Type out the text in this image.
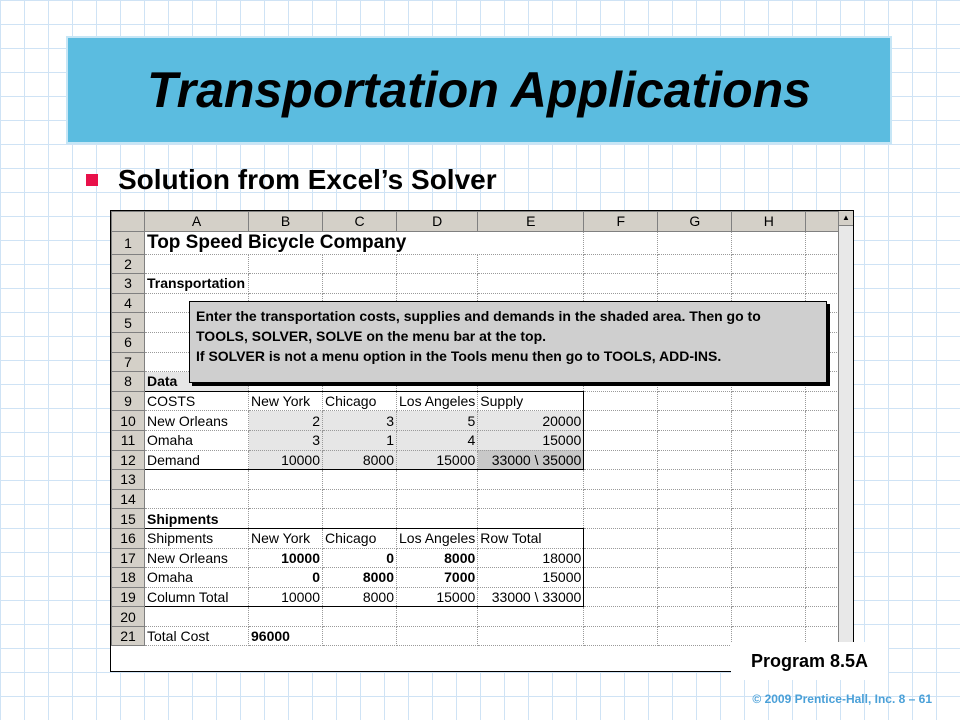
Transportation Applications
Solution from Excel’s Solver
	A	B	C	D	E	F	G	H	
1	Top Speed Bicycle Company								
2									
3	Transportation								
4									
5									
6									
7									
8	Data								
9	COSTS	New York	Chicago	Los Angeles	Supply				
10	New Orleans	2	3	5	20000				
11	Omaha	3	1	4	15000				
12	Demand	10000	8000	15000	33000 \ 35000				
13									
14									
15	Shipments								
16	Shipments	New York	Chicago	Los Angeles	Row Total				
17	New Orleans	10000	0	8000	18000				
18	Omaha	0	8000	7000	15000				
19	Column Total	10000	8000	15000	33000 \ 33000				
20									
21	Total Cost	96000							
Enter the transportation costs, supplies and demands in the shaded area. Then go to
TOOLS, SOLVER, SOLVE on the menu bar at the top.
If SOLVER is not a menu option in the Tools menu then go to TOOLS, ADD-INS.
▲
Program 8.5A
© 2009 Prentice-Hall, Inc. 8 – 61
